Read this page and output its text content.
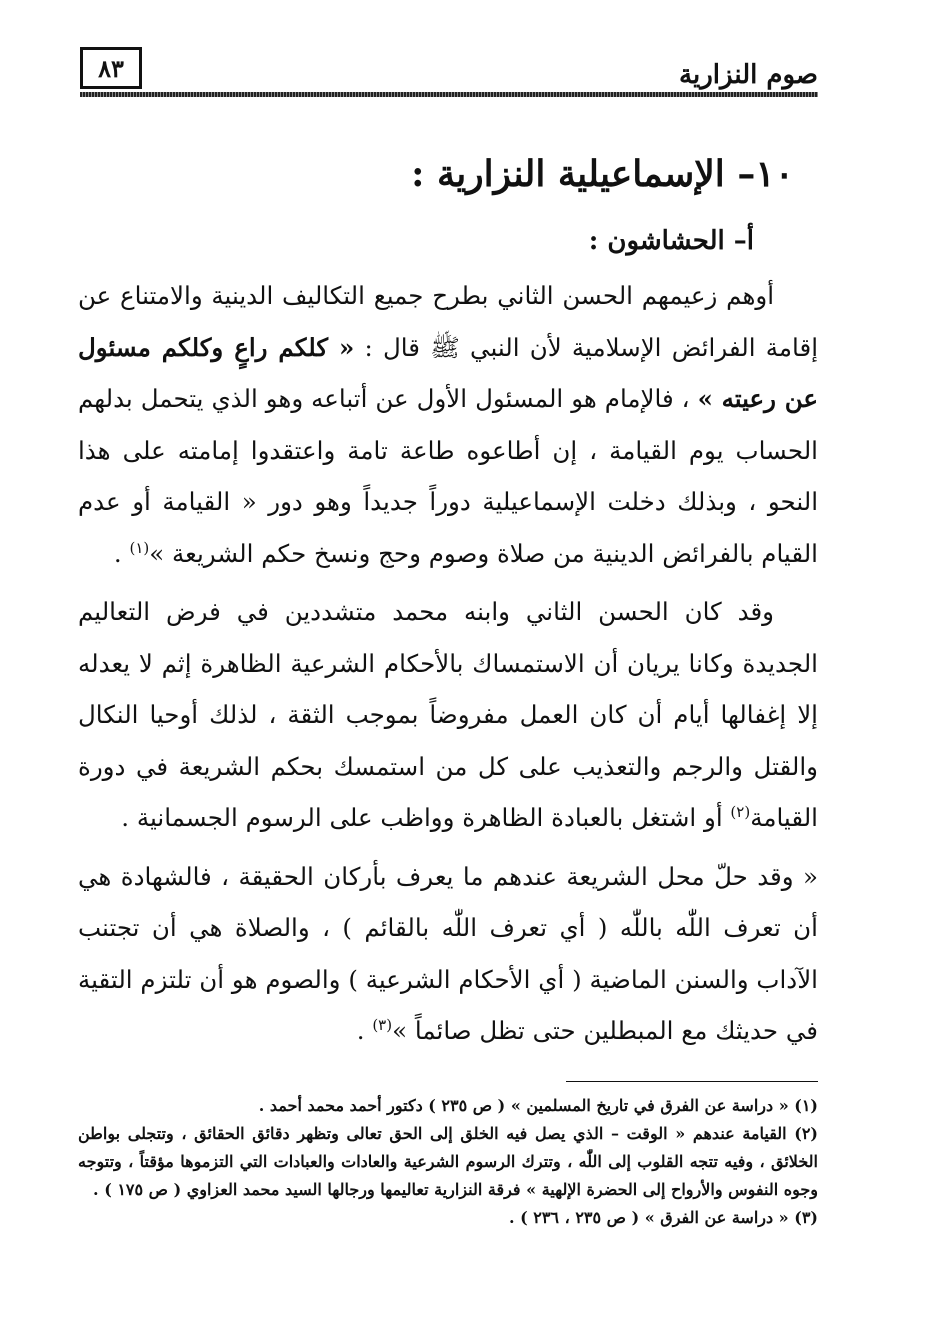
صوم النزارية
٨٣
١٠– الإسماعيلية النزارية :
أ– الحشاشون :

أوهم زعيمهم الحسن الثاني بطرح جميع التكاليف الدينية والامتناع عن إقامة الفرائض الإسلامية لأن النبي ﷺ قال : « كلكم راعٍ وكلكم مسئول عن رعيته » ، فالإمام هو المسئول الأول عن أتباعه وهو الذي يتحمل بدلهم الحساب يوم القيامة ، إن أطاعوه طاعة تامة واعتقدوا إمامته على هذا النحو ، وبذلك دخلت الإسماعيلية دوراً جديداً وهو دور « القيامة أو عدم القيام بالفرائض الدينية من صلاة وصوم وحج ونسخ حكم الشريعة »$^{(١)}$ .

وقد كان الحسن الثاني وابنه محمد متشددين في فرض التعاليم الجديدة وكانا يريان أن الاستمساك بالأحكام الشرعية الظاهرة إثم لا يعدله إلا إغفالها أيام أن كان العمل مفروضاً بموجب الثقة ، لذلك أوحيا النكال والقتل والرجم والتعذيب على كل من استمسك بحكم الشريعة في دورة القيامة$^{(٢)}$ أو اشتغل بالعبادة الظاهرة وواظب على الرسوم الجسمانية .

« وقد حلّ محل الشريعة عندهم ما يعرف بأركان الحقيقة ، فالشهادة هي أن تعرف اللّٰه باللّٰه ( أي تعرف اللّٰه بالقائم ) ، والصلاة هي أن تجتنب الآداب والسنن الماضية ( أي الأحكام الشرعية ) والصوم هو أن تلتزم التقية في حديثك مع المبطلين حتى تظل صائماً »$^{(٣)}$ .

(١) « دراسة عن الفرق في تاريخ المسلمين » ( ص ٢٣٥ ) دكتور أحمد محمد أحمد .

(٢) القيامة عندهم « الوقت – الذي يصل فيه الخلق إلى الحق تعالى وتظهر دقائق الحقائق ، وتتجلى بواطن الخلائق ، وفيه تتجه القلوب إلى اللّٰه ، وتترك الرسوم الشرعية والعادات والعبادات التي التزموها مؤقتاً ، وتتوجه وجوه النفوس والأرواح إلى الحضرة الإلهية » فرقة النزارية تعاليمها ورجالها السيد محمد العزاوي ( ص ١٧٥ ) .

(٣) « دراسة عن الفرق » ( ص ٢٣٥ ، ٢٣٦ ) .
